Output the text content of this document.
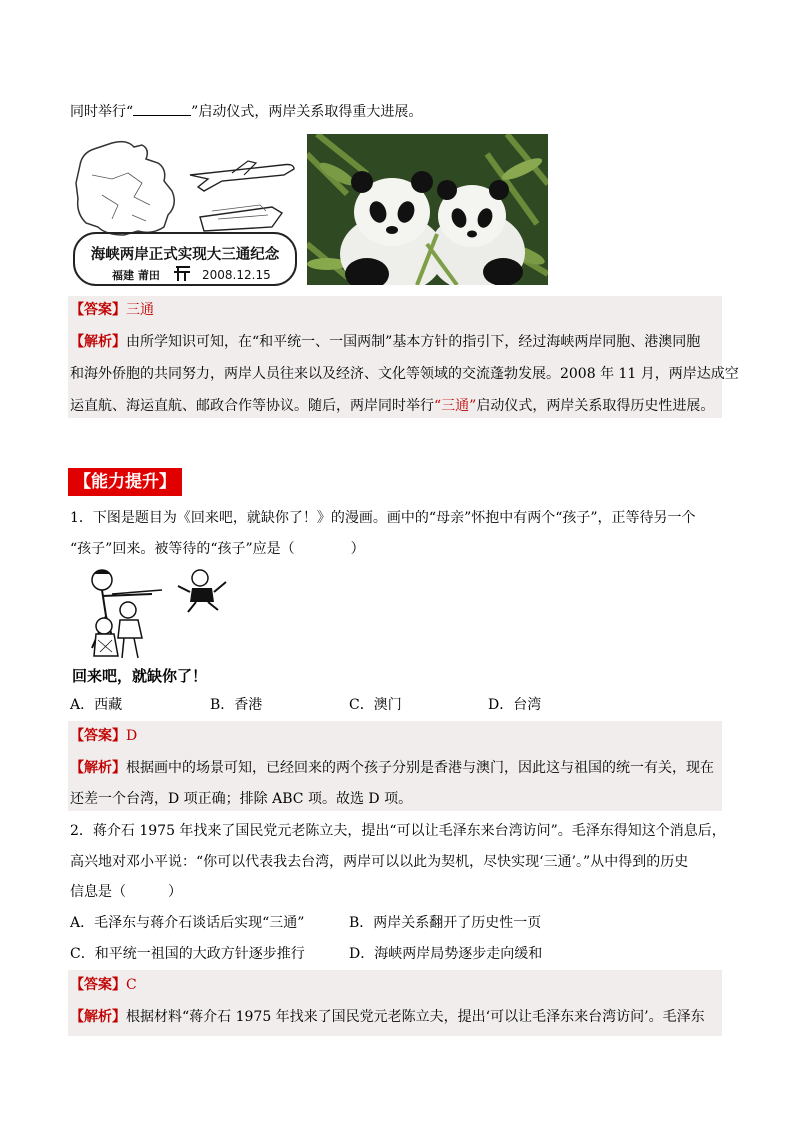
同时举行“	”启动仪式，两岸关系取得重大进展。
海峡两岸正式实现大三通纪念
福建 莆田	2008.12.15
【答案】三通
【解析】由所学知识可知，在“和平统一、一国两制”基本方针的指引下，经过海峡两岸同胞、港澳同胞
和海外侨胞的共同努力，两岸人员往来以及经济、文化等领域的交流蓬勃发展。2008 年 11 月，两岸达成空
运直航、海运直航、邮政合作等协议。随后，两岸同时举行“三通”启动仪式，两岸关系取得历史性进展。
【能力提升】
1．下图是题目为《回来吧，就缺你了！》的漫画。画中的“母亲”怀抱中有两个“孩子”，正等待另一个
“孩子”回来。被等待的“孩子”应是（　　　　）
回来吧，就缺你了！
A．西藏	B．香港	C．澳门	D．台湾
【答案】D
【解析】根据画中的场景可知，已经回来的两个孩子分别是香港与澳门，因此这与祖国的统一有关，现在
还差一个台湾，D 项正确；排除 ABC 项。故选 D 项。
2．蒋介石 1975 年找来了国民党元老陈立夫，提出“可以让毛泽东来台湾访问”。毛泽东得知这个消息后，
高兴地对邓小平说：“你可以代表我去台湾，两岸可以以此为契机，尽快实现‘三通’。”从中得到的历史
信息是（　　　）
A．毛泽东与蒋介石谈话后实现“三通”	B．两岸关系翻开了历史性一页
C．和平统一祖国的大政方针逐步推行	D．海峡两岸局势逐步走向缓和
【答案】C
【解析】根据材料“蒋介石 1975 年找来了国民党元老陈立夫，提出‘可以让毛泽东来台湾访问’。毛泽东
